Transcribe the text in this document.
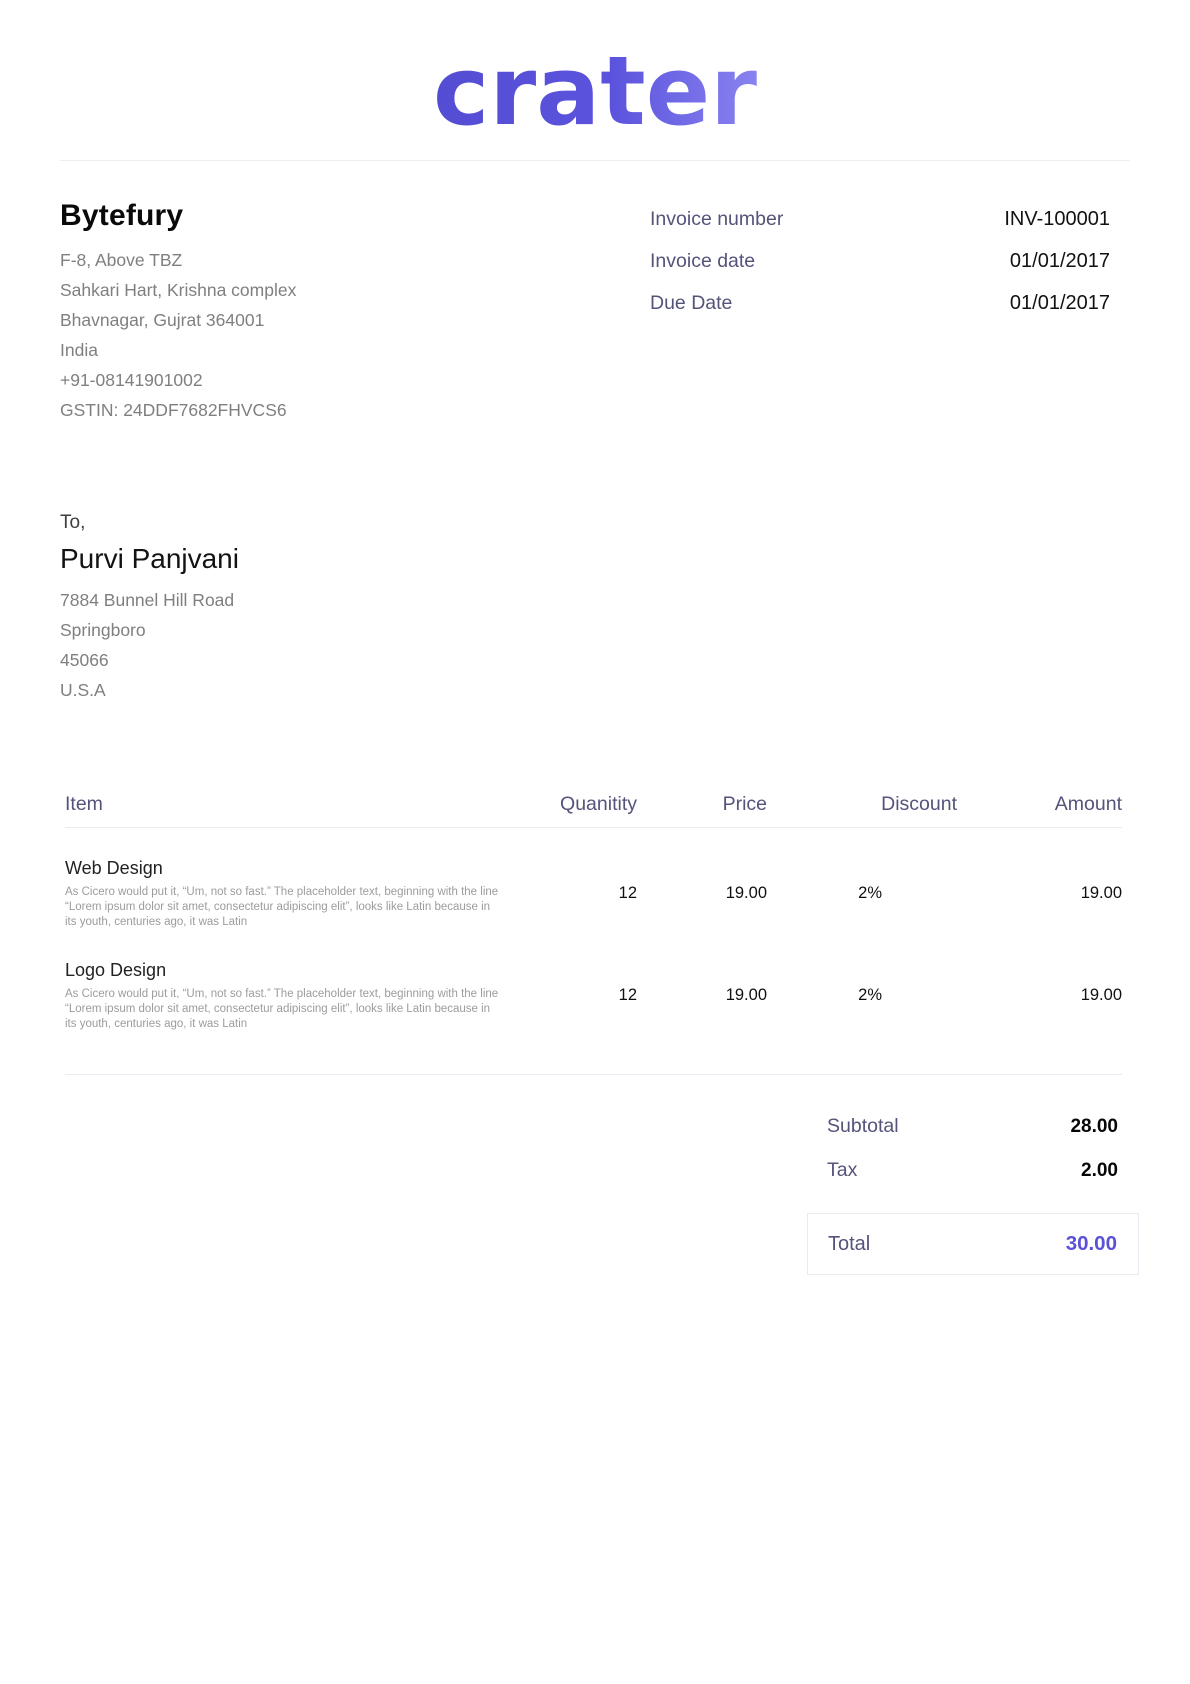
crater
Bytefury
F-8, Above TBZ
Sahkari Hart, Krishna complex
Bhavnagar, Gujrat 364001
India
+91-08141901002
GSTIN: 24DDF7682FHVCS6
Invoice number	INV-100001
Invoice date	01/01/2017
Due Date	01/01/2017
To,
Purvi Panjvani
7884 Bunnel Hill Road
Springboro
45066
U.S.A
Item	Quanitity	Price	Discount	Amount
Web Design
As Cicero would put it, “Um, not so fast.” The placeholder text, beginning with the line “Lorem ipsum dolor sit amet, consectetur adipiscing elit”, looks like Latin because in its youth, centuries ago, it was Latin
12	19.00	2%	19.00
Logo Design
As Cicero would put it, “Um, not so fast.” The placeholder text, beginning with the line “Lorem ipsum dolor sit amet, consectetur adipiscing elit”, looks like Latin because in its youth, centuries ago, it was Latin
12	19.00	2%	19.00
Subtotal	28.00
Tax	2.00
Total	30.00
